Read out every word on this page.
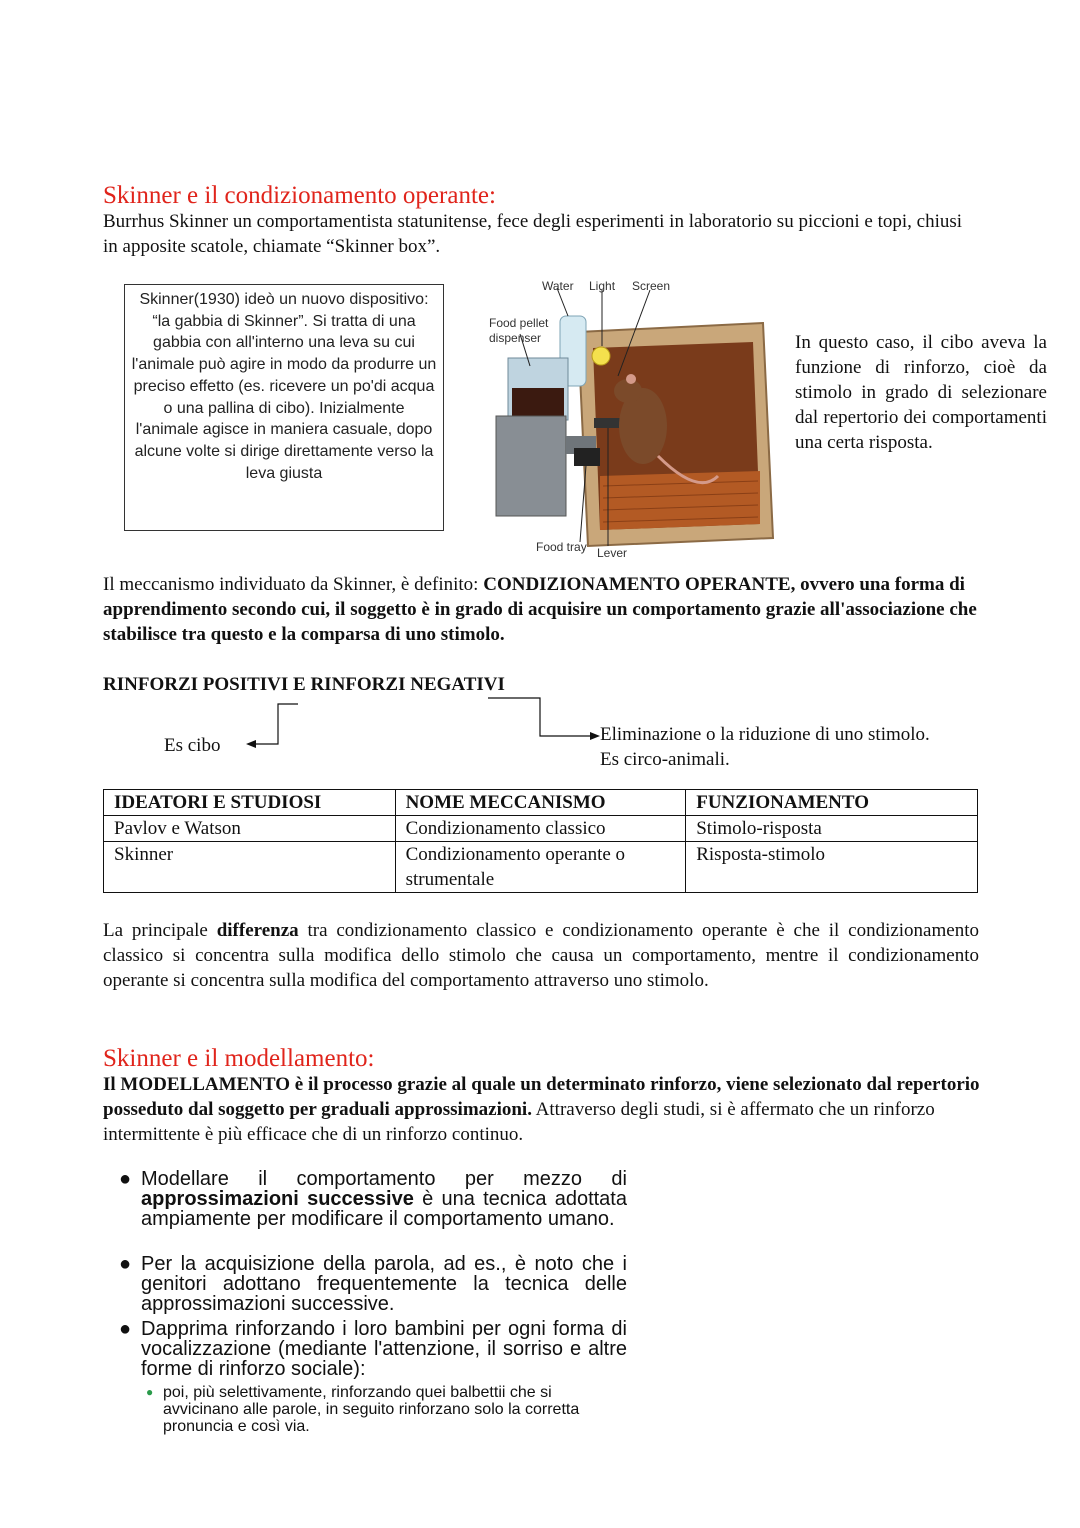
Skinner e il condizionamento operante:
Burrhus Skinner un comportamentista statunitense, fece degli esperimenti in laboratorio su piccioni e topi, chiusi in apposite scatole, chiamate “Skinner box”.
Skinner(1930) ideò un nuovo dispositivo: “la gabbia di Skinner”. Si tratta di una gabbia con all'interno una leva su cui l'animale può agire in modo da produrre un preciso effetto (es. ricevere un po'di acqua o una pallina di cibo). Inizialmente l'animale agisce in maniera casuale, dopo alcune volte si dirige direttamente verso la leva giusta
Water Light Screen
Food pellet
dispenser
Food tray Lever
In questo caso, il cibo aveva la funzione di rinforzo, cioè da stimolo in grado di selezionare dal repertorio dei comportamenti una certa risposta.
Il meccanismo individuato da Skinner, è definito: CONDIZIONAMENTO OPERANTE, ovvero una forma di apprendimento secondo cui, il soggetto è in grado di acquisire un comportamento grazie all'associazione che stabilisce tra questo e la comparsa di uno stimolo.
RINFORZI POSITIVI E RINFORZI NEGATIVI
Es cibo
Eliminazione o la riduzione di uno stimolo.
Es circo-animali.
IDEATORI E STUDIOSI	NOME MECCANISMO	FUNZIONAMENTO
Pavlov e Watson	Condizionamento classico	Stimolo-risposta
Skinner	Condizionamento operante o strumentale	Risposta-stimolo
La principale differenza tra condizionamento classico e condizionamento operante è che il condizionamento classico si concentra sulla modifica dello stimolo che causa un comportamento, mentre il condizionamento operante si concentra sulla modifica del comportamento attraverso uno stimolo.
Skinner e il modellamento:
Il MODELLAMENTO è il processo grazie al quale un determinato rinforzo, viene selezionato dal repertorio posseduto dal soggetto per graduali approssimazioni. Attraverso degli studi, si è affermato che un rinforzo intermittente è più efficace che di un rinforzo continuo.
● Modellare il comportamento per mezzo di approssimazioni successive è una tecnica adottata ampiamente per modificare il comportamento umano.
● Per la acquisizione della parola, ad es., è noto che i genitori adottano frequentemente la tecnica delle approssimazioni successive.
● Dapprima rinforzando i loro bambini per ogni forma di vocalizzazione (mediante l'attenzione, il sorriso e altre forme di rinforzo sociale):
● poi, più selettivamente, rinforzando quei balbettii che si avvicinano alle parole, in seguito rinforzano solo la corretta pronuncia e così via.
